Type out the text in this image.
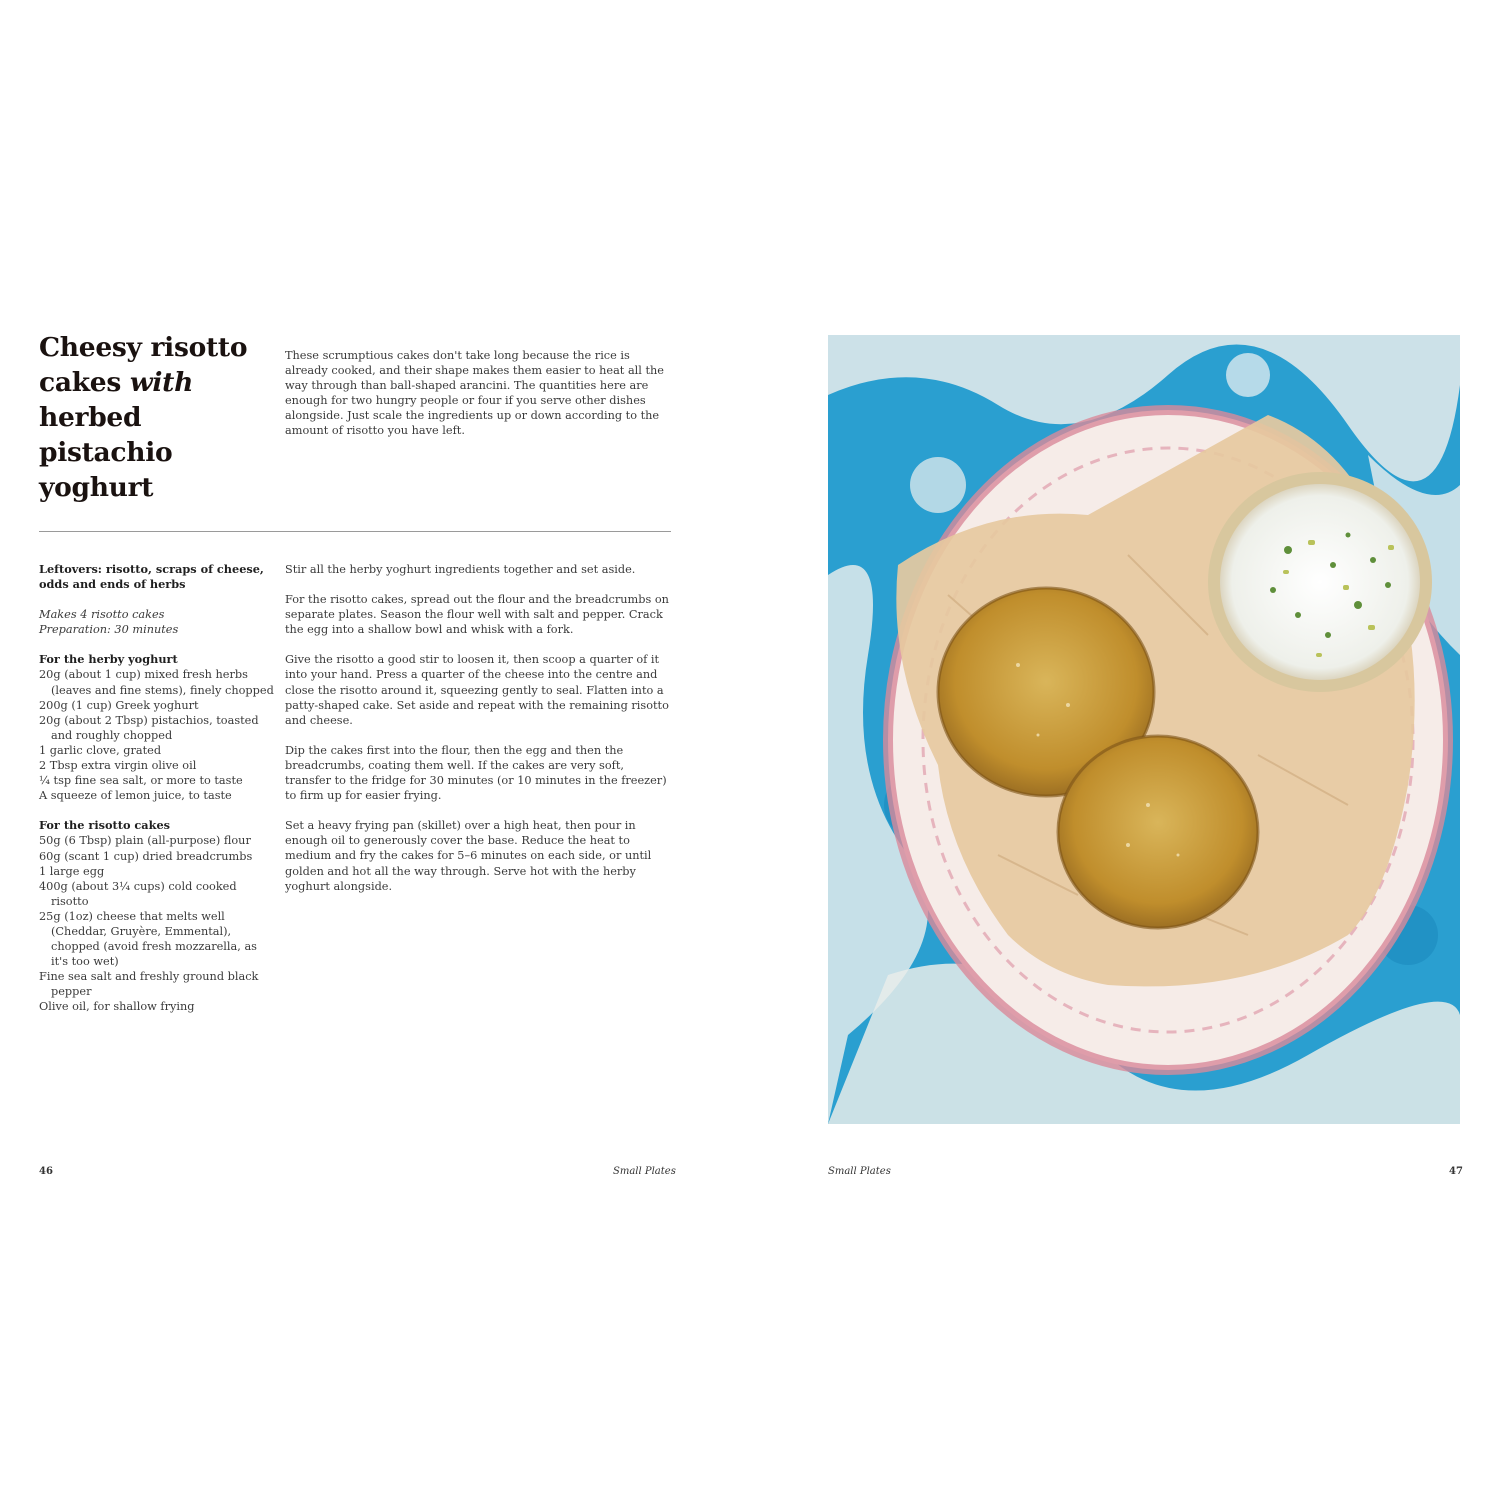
Cheesy risotto cakes with herbed pistachio yoghurt
These scrumptious cakes don't take long because the rice is already cooked, and their shape makes them easier to heat all the way through than ball-shaped arancini. The quantities here are enough for two hungry people or four if you serve other dishes alongside. Just scale the ingredients up or down according to the amount of risotto you have left.
Leftovers: risotto, scraps of cheese, odds and ends of herbs
Makes 4 risotto cakes
Preparation: 30 minutes
For the herby yoghurt
20g (about 1 cup) mixed fresh herbs (leaves and fine stems), finely chopped
200g (1 cup) Greek yoghurt
20g (about 2 Tbsp) pistachios, toasted and roughly chopped
1 garlic clove, grated
2 Tbsp extra virgin olive oil
¼ tsp fine sea salt, or more to taste
A squeeze of lemon juice, to taste
For the risotto cakes
50g (6 Tbsp) plain (all-purpose) flour
60g (scant 1 cup) dried breadcrumbs
1 large egg
400g (about 3¼ cups) cold cooked risotto
25g (1oz) cheese that melts well (Cheddar, Gruyère, Emmental), chopped (avoid fresh mozzarella, as it's too wet)
Fine sea salt and freshly ground black pepper
Olive oil, for shallow frying

Stir all the herby yoghurt ingredients together and set aside.

For the risotto cakes, spread out the flour and the breadcrumbs on separate plates. Season the flour well with salt and pepper. Crack the egg into a shallow bowl and whisk with a fork.

Give the risotto a good stir to loosen it, then scoop a quarter of it into your hand. Press a quarter of the cheese into the centre and close the risotto around it, squeezing gently to seal. Flatten into a patty-shaped cake. Set aside and repeat with the remaining risotto and cheese.

Dip the cakes first into the flour, then the egg and then the breadcrumbs, coating them well. If the cakes are very soft, transfer to the fridge for 30 minutes (or 10 minutes in the freezer) to firm up for easier frying.

Set a heavy frying pan (skillet) over a high heat, then pour in enough oil to generously cover the base. Reduce the heat to medium and fry the cakes for 5–6 minutes on each side, or until golden and hot all the way through. Serve hot with the herby yoghurt alongside.

46	Small Plates	Small Plates	47
